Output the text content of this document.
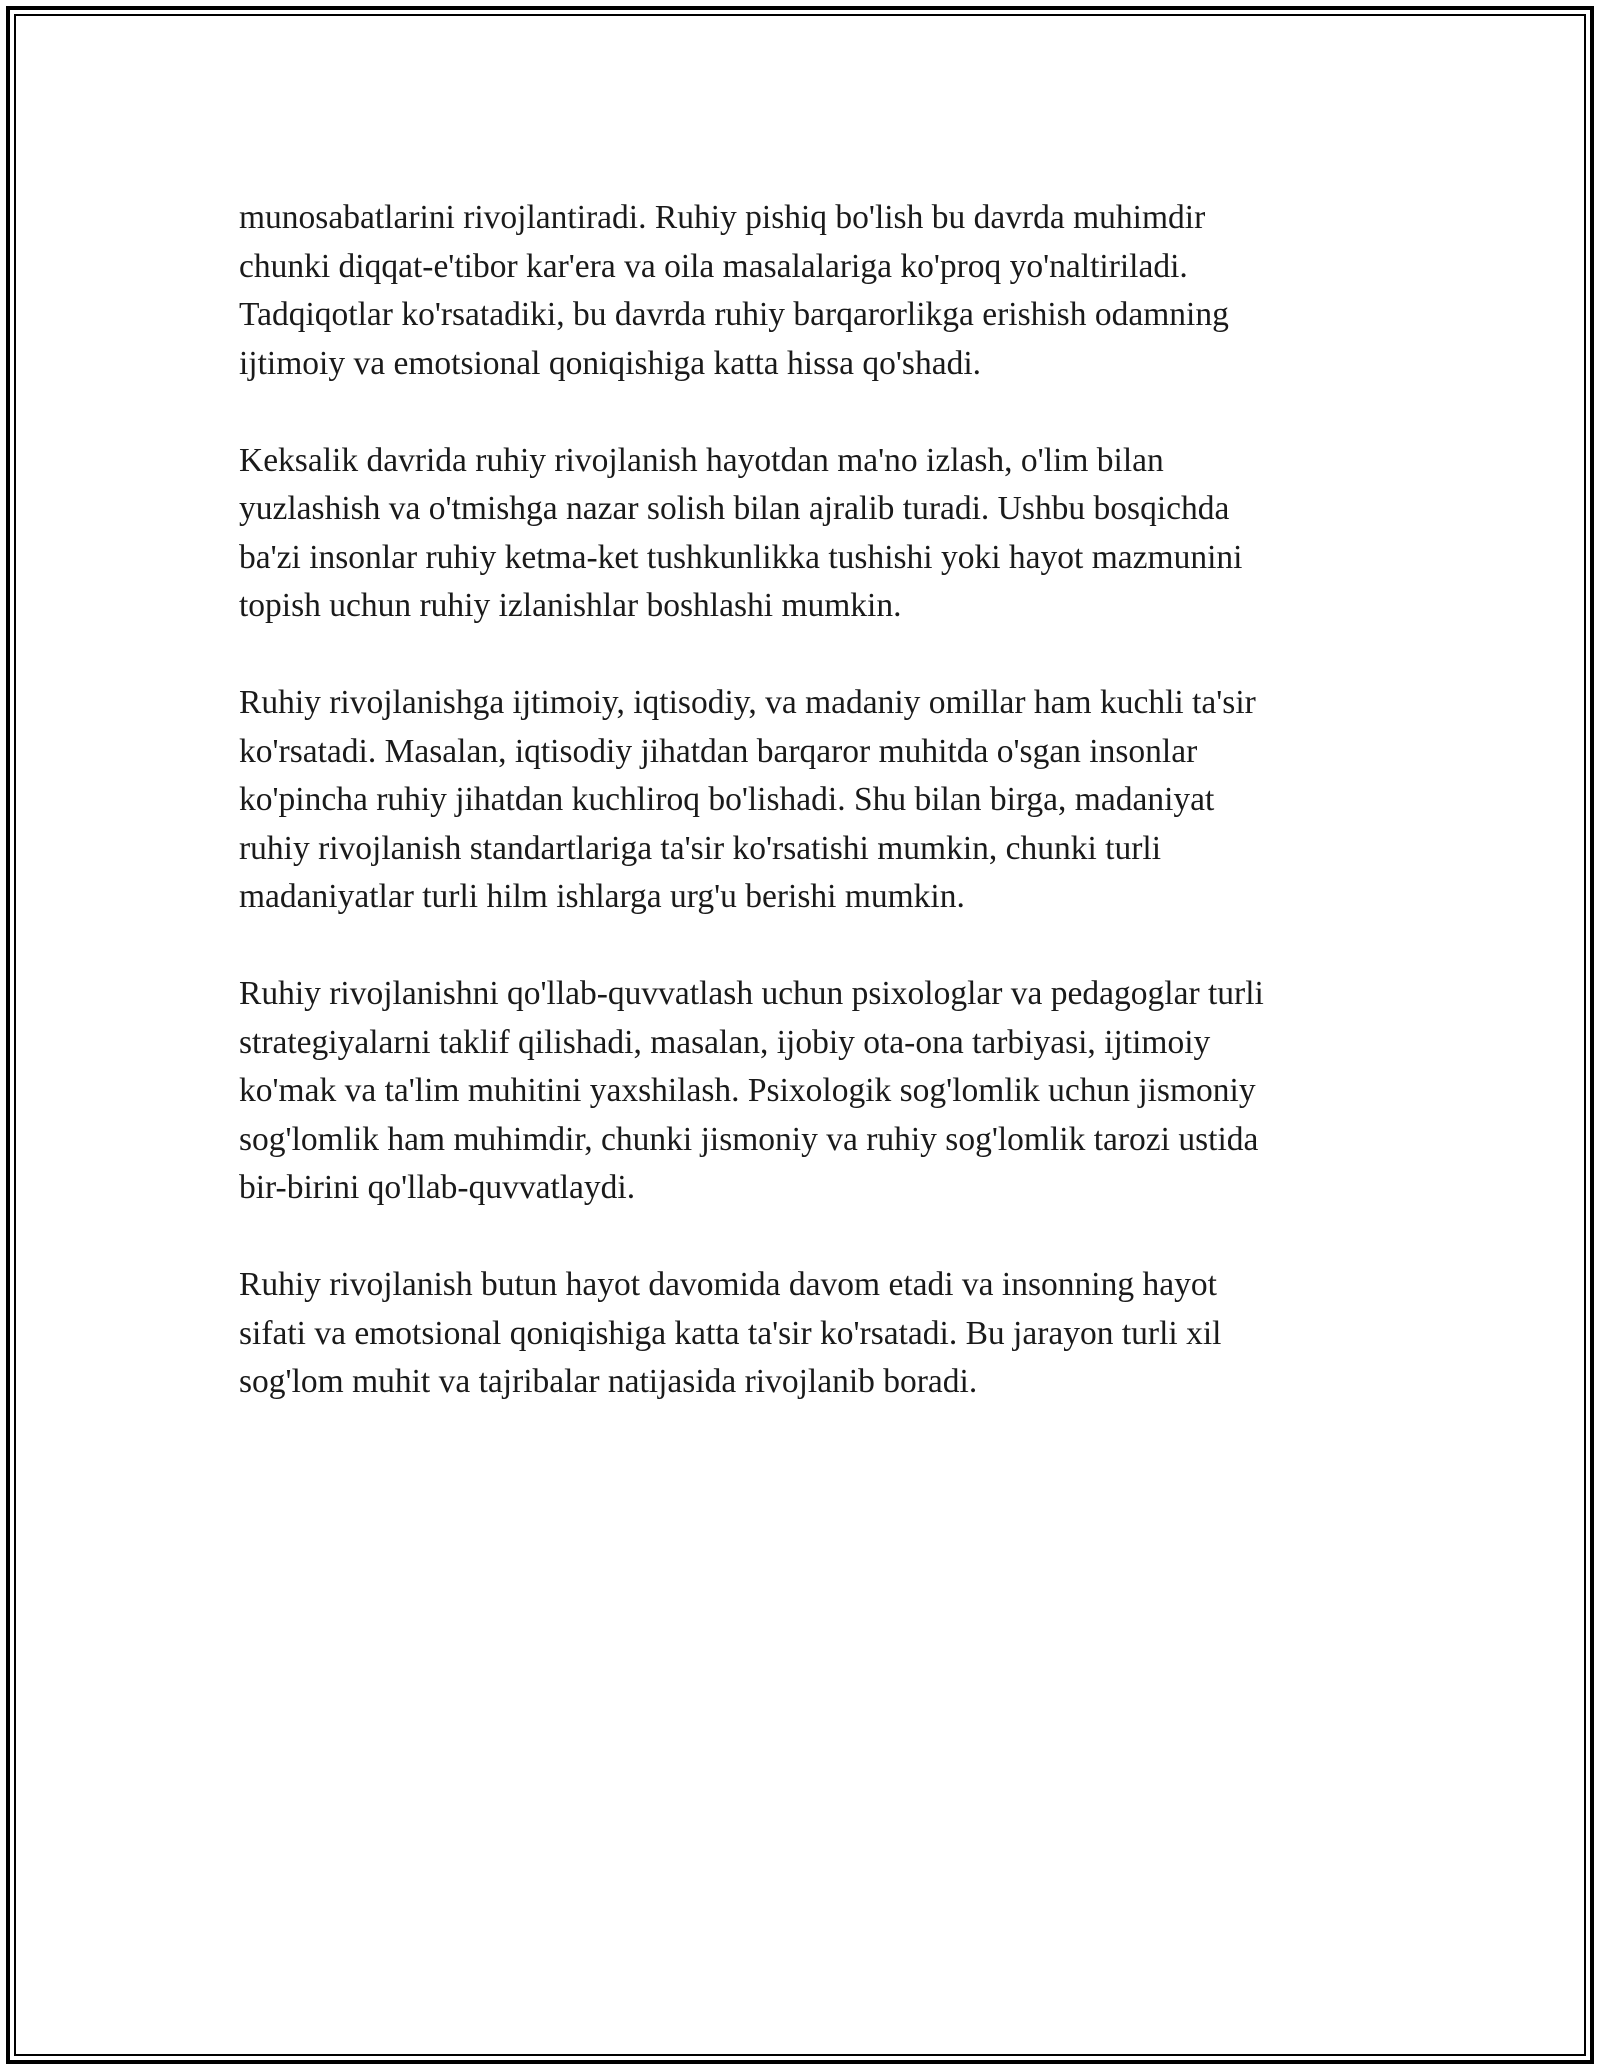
munosabatlarini rivojlantiradi. Ruhiy pishiq bo'lish bu davrda muhimdir
chunki diqqat-e'tibor kar'era va oila masalalariga ko'proq yo'naltiriladi.
Tadqiqotlar ko'rsatadiki, bu davrda ruhiy barqarorlikga erishish odamning
ijtimoiy va emotsional qoniqishiga katta hissa qo'shadi.

Keksalik davrida ruhiy rivojlanish hayotdan ma'no izlash, o'lim bilan
yuzlashish va o'tmishga nazar solish bilan ajralib turadi. Ushbu bosqichda
ba'zi insonlar ruhiy ketma-ket tushkunlikka tushishi yoki hayot mazmunini
topish uchun ruhiy izlanishlar boshlashi mumkin.

Ruhiy rivojlanishga ijtimoiy, iqtisodiy, va madaniy omillar ham kuchli ta'sir
ko'rsatadi. Masalan, iqtisodiy jihatdan barqaror muhitda o'sgan insonlar
ko'pincha ruhiy jihatdan kuchliroq bo'lishadi. Shu bilan birga, madaniyat
ruhiy rivojlanish standartlariga ta'sir ko'rsatishi mumkin, chunki turli
madaniyatlar turli hilm ishlarga urg'u berishi mumkin.

Ruhiy rivojlanishni qo'llab-quvvatlash uchun psixologlar va pedagoglar turli
strategiyalarni taklif qilishadi, masalan, ijobiy ota-ona tarbiyasi, ijtimoiy
ko'mak va ta'lim muhitini yaxshilash. Psixologik sog'lomlik uchun jismoniy
sog'lomlik ham muhimdir, chunki jismoniy va ruhiy sog'lomlik tarozi ustida
bir-birini qo'llab-quvvatlaydi.

Ruhiy rivojlanish butun hayot davomida davom etadi va insonning hayot
sifati va emotsional qoniqishiga katta ta'sir ko'rsatadi. Bu jarayon turli xil
sog'lom muhit va tajribalar natijasida rivojlanib boradi.
